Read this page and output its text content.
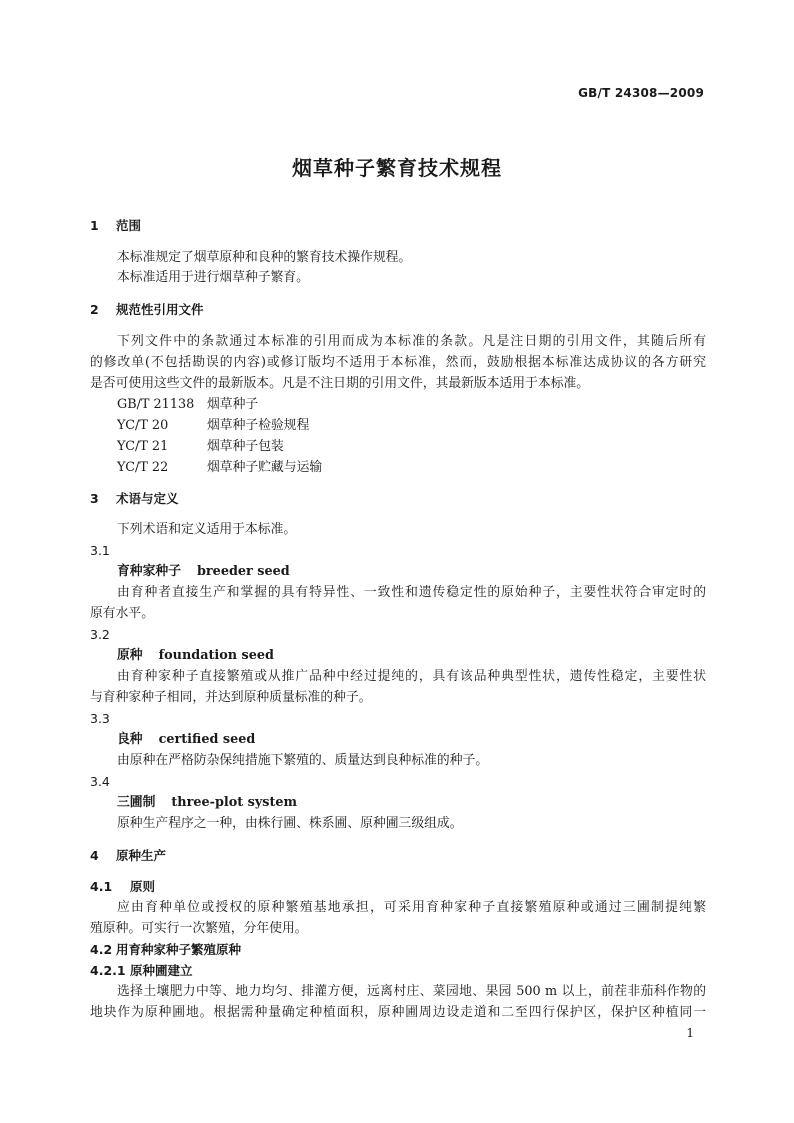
GB/T 24308—2009
烟草种子繁育技术规程
1 范围
本标准规定了烟草原种和良种的繁育技术操作规程。
本标准适用于进行烟草种子繁育。
2 规范性引用文件
下列文件中的条款通过本标准的引用而成为本标准的条款。凡是注日期的引用文件，其随后所有
的修改单(不包括勘误的内容)或修订版均不适用于本标准，然而，鼓励根据本标准达成协议的各方研究
是否可使用这些文件的最新版本。凡是不注日期的引用文件，其最新版本适用于本标准。
GB/T 21138 烟草种子
YC/T 20	烟草种子检验规程
YC/T 21	烟草种子包装
YC/T 22	烟草种子贮藏与运输
3 术语与定义
下列术语和定义适用于本标准。
3.1
育种家种子 breeder seed
由育种者直接生产和掌握的具有特异性、一致性和遗传稳定性的原始种子，主要性状符合审定时的
原有水平。
3.2
原种 foundation seed
由育种家种子直接繁殖或从推广品种中经过提纯的，具有该品种典型性状，遗传性稳定，主要性状
与育种家种子相同，并达到原种质量标准的种子。
3.3
良种 certified seed
由原种在严格防杂保纯措施下繁殖的、质量达到良种标准的种子。
3.4
三圃制 three-plot system
原种生产程序之一种，由株行圃、株系圃、原种圃三级组成。
4 原种生产
4.1 原则
应由育种单位或授权的原种繁殖基地承担，可采用育种家种子直接繁殖原种或通过三圃制提纯繁
殖原种。可实行一次繁殖，分年使用。
4.2 用育种家种子繁殖原种
4.2.1 原种圃建立
选择土壤肥力中等、地力均匀、排灌方便，远离村庄、菜园地、果园 500 m 以上，前茬非茄科作物的
地块作为原种圃地。根据需种量确定种植面积，原种圃周边设走道和二至四行保护区，保护区种植同一
1
